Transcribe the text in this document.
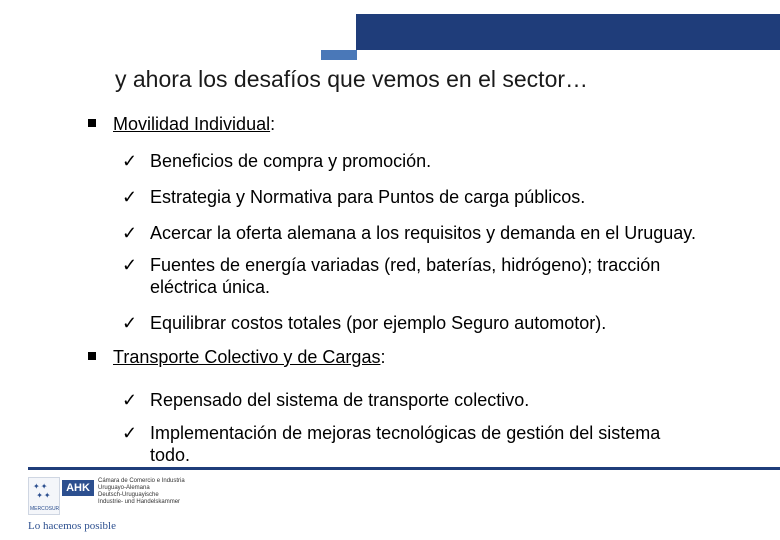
y ahora los desafíos que vemos en el sector…
Movilidad Individual:
✓ Beneficios de compra y promoción.
✓ Estrategia y Normativa para Puntos de carga públicos.
✓ Acercar la oferta alemana a los requisitos y demanda en el Uruguay.
✓ Fuentes de energía variadas (red, baterías, hidrógeno); tracción
eléctrica única.
✓ Equilibrar costos totales (por ejemplo Seguro automotor).
Transporte Colectivo y de Cargas:
✓ Repensado del sistema de transporte colectivo.
✓ Implementación de mejoras tecnológicas de gestión del sistema
todo.
✦✦
✦✦
MERCOSUR
AHK
Cámara de Comercio e Industria
Uruguayo-Alemana
Deutsch-Uruguayische
Industrie- und Handelskammer
Lo hacemos posible
